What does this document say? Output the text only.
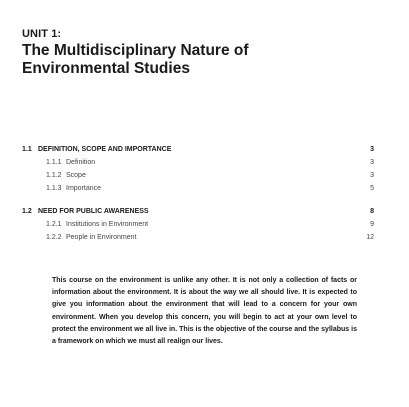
UNIT 1:
The Multidisciplinary Nature of
Environmental Studies
1.1 DEFINITION, SCOPE AND IMPORTANCE	3
1.1.1 Definition	3
1.1.2 Scope	3
1.1.3 Importance	5
1.2 NEED FOR PUBLIC AWARENESS	8
1.2.1 Institutions in Environment	9
1.2.2 People in Environment	12

This course on the environment is unlike any other. It is not only a collection of facts or information about the environment. It is about the way we all should live. It is expected to give you information about the environment that will lead to a concern for your own environment. When you develop this concern, you will begin to act at your own level to protect the environment we all live in. This is the objective of the course and the syllabus is a framework on which we must all realign our lives.
